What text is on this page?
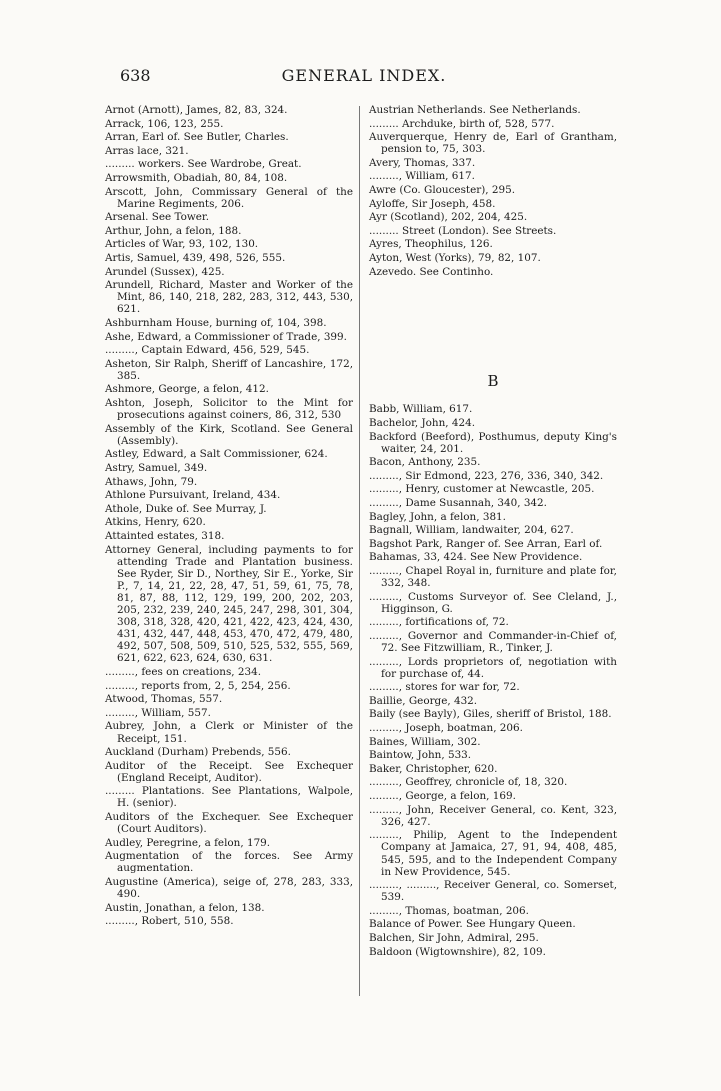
638	GENERAL INDEX.
Arnot (Arnott), James, 82, 83, 324.
Arrack, 106, 123, 255.
Arran, Earl of. See Butler, Charles.
Arras lace, 321.
......... workers. See Wardrobe, Great.
Arrowsmith, Obadiah, 80, 84, 108.
Arscott, John, Commissary General of the Marine Regiments, 206.
Arsenal. See Tower.
Arthur, John, a felon, 188.
Articles of War, 93, 102, 130.
Artis, Samuel, 439, 498, 526, 555.
Arundel (Sussex), 425.
Arundell, Richard, Master and Worker of the Mint, 86, 140, 218, 282, 283, 312, 443, 530, 621.
Ashburnham House, burning of, 104, 398.
Ashe, Edward, a Commissioner of Trade, 399.
........., Captain Edward, 456, 529, 545.
Asheton, Sir Ralph, Sheriff of Lancashire, 172, 385.
Ashmore, George, a felon, 412.
Ashton, Joseph, Solicitor to the Mint for prosecutions against coiners, 86, 312, 530
Assembly of the Kirk, Scotland. See General (Assembly).
Astley, Edward, a Salt Commissioner, 624.
Astry, Samuel, 349.
Athaws, John, 79.
Athlone Pursuivant, Ireland, 434.
Athole, Duke of. See Murray, J.
Atkins, Henry, 620.
Attainted estates, 318.
Attorney General, including payments to for attending Trade and Plantation business. See Ryder, Sir D., Northey, Sir E., Yorke, Sir P., 7, 14, 21, 22, 28, 47, 51, 59, 61, 75, 78, 81, 87, 88, 112, 129, 199, 200, 202, 203, 205, 232, 239, 240, 245, 247, 298, 301, 304, 308, 318, 328, 420, 421, 422, 423, 424, 430, 431, 432, 447, 448, 453, 470, 472, 479, 480, 492, 507, 508, 509, 510, 525, 532, 555, 569, 621, 622, 623, 624, 630, 631.
........., fees on creations, 234.
........., reports from, 2, 5, 254, 256.
Atwood, Thomas, 557.
........., William, 557.
Aubrey, John, a Clerk or Minister of the Receipt, 151.
Auckland (Durham) Prebends, 556.
Auditor of the Receipt. See Exchequer (England Receipt, Auditor).
......... Plantations. See Plantations, Walpole, H. (senior).
Auditors of the Exchequer. See Exchequer (Court Auditors).
Audley, Peregrine, a felon, 179.
Augmentation of the forces. See Army augmentation.
Augustine (America), seige of, 278, 283, 333, 490.
Austin, Jonathan, a felon, 138.
........., Robert, 510, 558.
Austrian Netherlands. See Netherlands.
......... Archduke, birth of, 528, 577.
Auverquerque, Henry de, Earl of Grantham, pension to, 75, 303.
Avery, Thomas, 337.
........., William, 617.
Awre (Co. Gloucester), 295.
Ayloffe, Sir Joseph, 458.
Ayr (Scotland), 202, 204, 425.
......... Street (London). See Streets.
Ayres, Theophilus, 126.
Ayton, West (Yorks), 79, 82, 107.
Azevedo. See Continho.
B
Babb, William, 617.
Bachelor, John, 424.
Backford (Beeford), Posthumus, deputy King's waiter, 24, 201.
Bacon, Anthony, 235.
........., Sir Edmond, 223, 276, 336, 340, 342.
........., Henry, customer at Newcastle, 205.
........., Dame Susannah, 340, 342.
Bagley, John, a felon, 381.
Bagnall, William, landwaiter, 204, 627.
Bagshot Park, Ranger of. See Arran, Earl of.
Bahamas, 33, 424. See New Providence.
........., Chapel Royal in, furniture and plate for, 332, 348.
........., Customs Surveyor of. See Cleland, J., Higginson, G.
........., fortifications of, 72.
........., Governor and Commander-in-Chief of, 72. See Fitzwilliam, R., Tinker, J.
........., Lords proprietors of, negotiation with for purchase of, 44.
........., stores for war for, 72.
Baillie, George, 432.
Baily (see Bayly), Giles, sheriff of Bristol, 188.
........., Joseph, boatman, 206.
Baines, William, 302.
Baintow, John, 533.
Baker, Christopher, 620.
........., Geoffrey, chronicle of, 18, 320.
........., George, a felon, 169.
........., John, Receiver General, co. Kent, 323, 326, 427.
........., Philip, Agent to the Independent Company at Jamaica, 27, 91, 94, 408, 485, 545, 595, and to the Independent Company in New Providence, 545.
........., ........., Receiver General, co. Somerset, 539.
........., Thomas, boatman, 206.
Balance of Power. See Hungary Queen.
Balchen, Sir John, Admiral, 295.
Baldoon (Wigtownshire), 82, 109.
